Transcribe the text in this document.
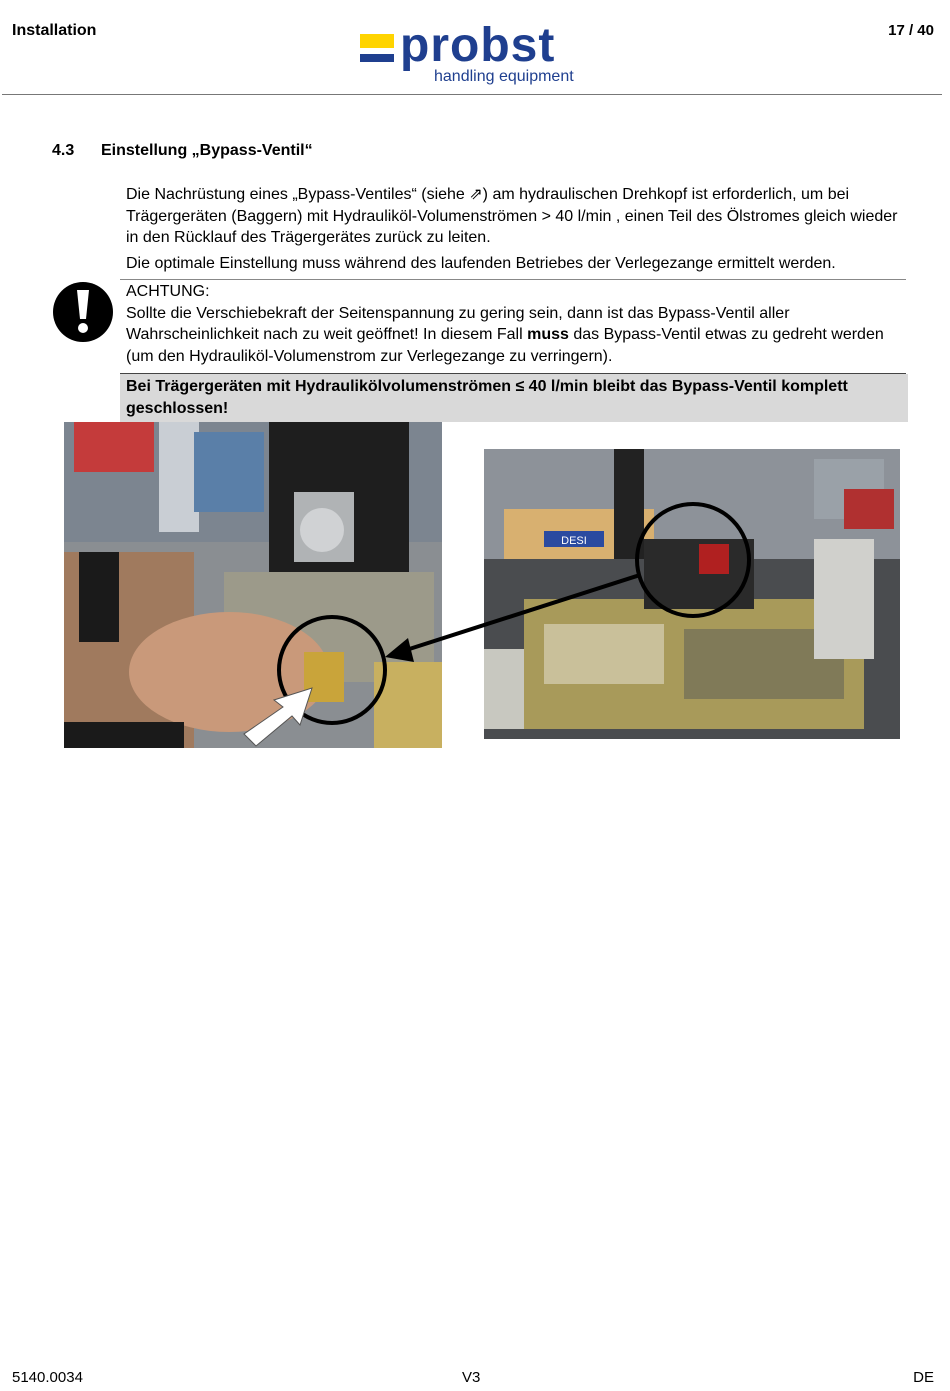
Installation	probst
handling equipment
17 / 40
4.3 Einstellung „Bypass-Ventil“
Die Nachrüstung eines „Bypass-Ventiles“ (siehe ⇗) am hydraulischen Drehkopf ist erforderlich, um bei Trägergeräten (Baggern) mit Hydrauliköl-Volumenströmen > 40 l/min , einen Teil des Ölstromes gleich wieder in den Rücklauf des Trägergerätes zurück zu leiten.
Die optimale Einstellung muss während des laufenden Betriebes der Verlegezange ermittelt werden.
ACHTUNG:
Sollte die Verschiebekraft der Seitenspannung zu gering sein, dann ist das Bypass-Ventil aller Wahrscheinlichkeit nach zu weit geöffnet! In diesem Fall muss das Bypass-Ventil etwas zu gedreht werden (um den Hydrauliköl-Volumenstrom zur Verlegezange zu verringern).
Bei Trägergeräten mit Hydraulikölvolumenströmen ≤ 40 l/min bleibt das Bypass-Ventil komplett geschlossen!
DESI
5140.0034	V3	DE
